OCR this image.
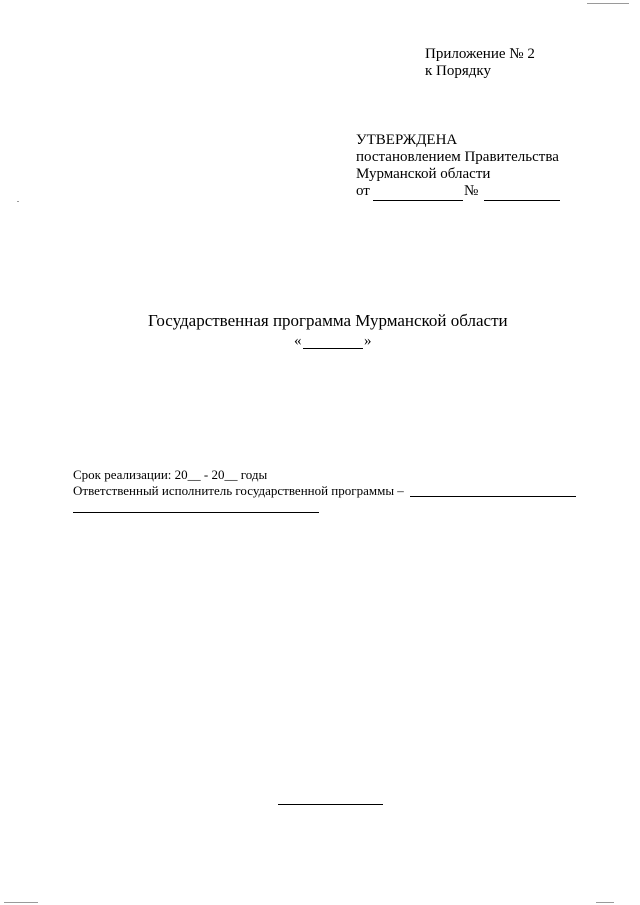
Приложение № 2
к Порядку
УТВЕРЖДЕНА
постановлением Правительства
Мурманской области
от	№
Государственная программа Мурманской области
«	»
Срок реализации: 20__ - 20__ годы
Ответственный исполнитель государственной программы –
